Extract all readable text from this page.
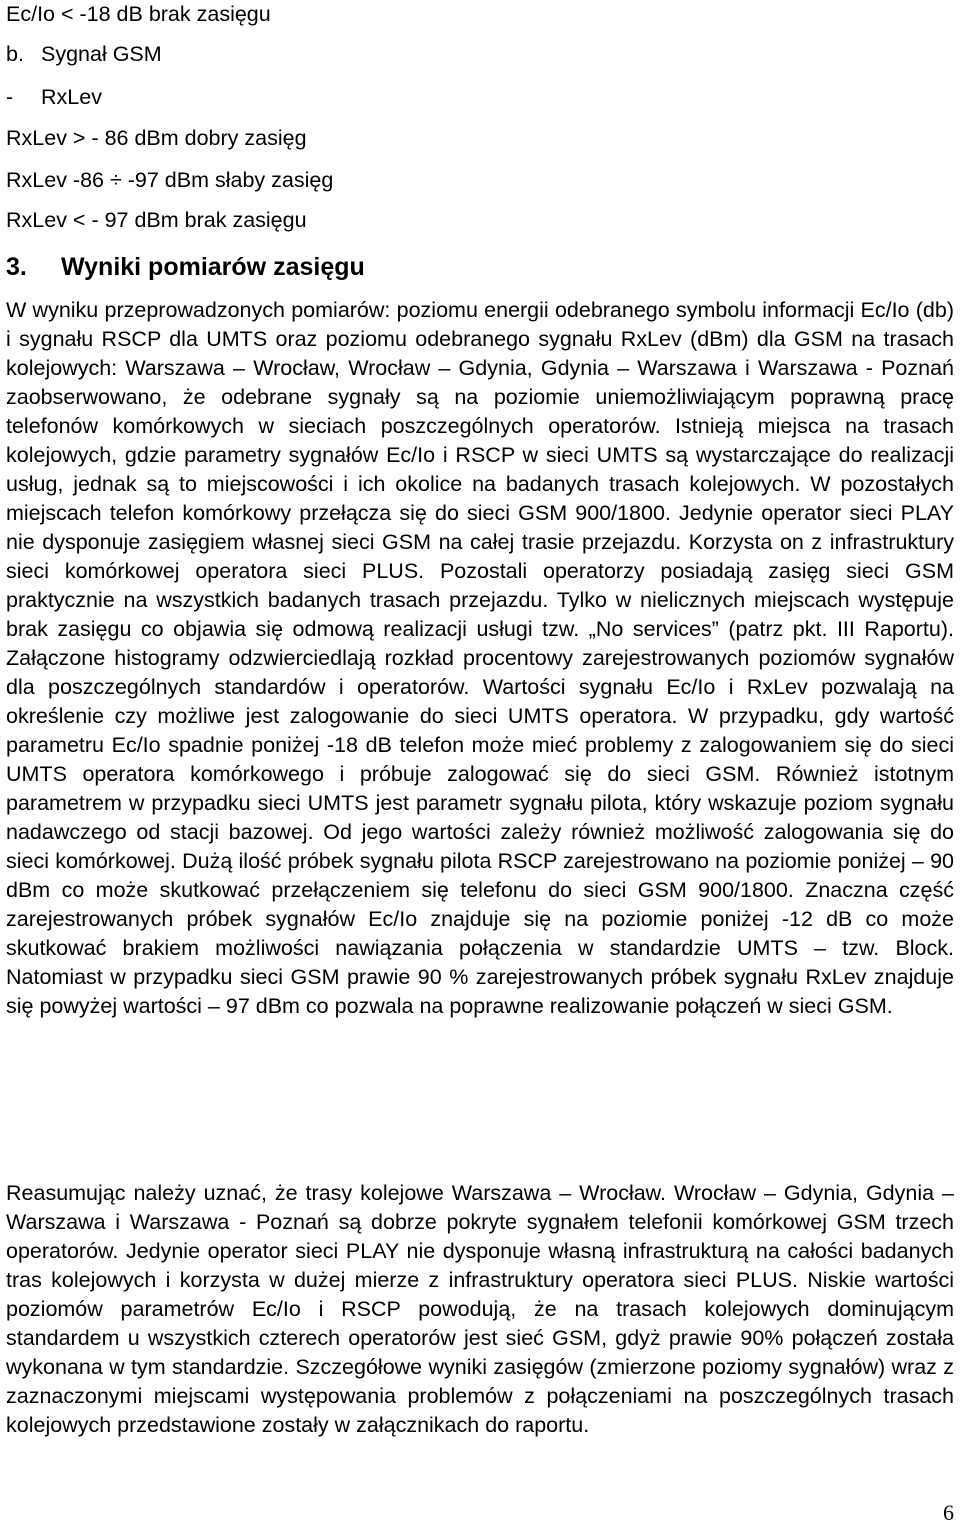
Ec/Io < -18 dB brak zasięgu
b. Sygnał GSM
- RxLev
RxLev > - 86 dBm dobry zasięg
RxLev -86 ÷ -97 dBm słaby zasięg
RxLev < - 97 dBm brak zasięgu
3. Wyniki pomiarów zasięgu
W wyniku przeprowadzonych pomiarów: poziomu energii odebranego symbolu informacji Ec/Io (db) i sygnału RSCP dla UMTS oraz poziomu odebranego sygnału RxLev (dBm) dla GSM na trasach kolejowych: Warszawa – Wrocław, Wrocław – Gdynia, Gdynia – Warszawa i Warszawa - Poznań zaobserwowano, że odebrane sygnały są na poziomie uniemożliwiającym poprawną pracę telefonów komórkowych w sieciach poszczególnych operatorów. Istnieją miejsca na trasach kolejowych, gdzie parametry sygnałów Ec/Io i RSCP w sieci UMTS są wystarczające do realizacji usług, jednak są to miejscowości i ich okolice na badanych trasach kolejowych. W pozostałych miejscach telefon komórkowy przełącza się do sieci GSM 900/1800. Jedynie operator sieci PLAY nie dysponuje zasięgiem własnej sieci GSM na całej trasie przejazdu. Korzysta on z infrastruktury sieci komórkowej operatora sieci PLUS. Pozostali operatorzy posiadają zasięg sieci GSM praktycznie na wszystkich badanych trasach przejazdu. Tylko w nielicznych miejscach występuje brak zasięgu co objawia się odmową realizacji usługi tzw. „No services” (patrz pkt. III Raportu). Załączone histogramy odzwierciedlają rozkład procentowy zarejestrowanych poziomów sygnałów dla poszczególnych standardów i operatorów. Wartości sygnału Ec/Io i RxLev pozwalają na określenie czy możliwe jest zalogowanie do sieci UMTS operatora. W przypadku, gdy wartość parametru Ec/Io spadnie poniżej -18 dB telefon może mieć problemy z zalogowaniem się do sieci UMTS operatora komórkowego i próbuje zalogować się do sieci GSM. Również istotnym parametrem w przypadku sieci UMTS jest parametr sygnału pilota, który wskazuje poziom sygnału nadawczego od stacji bazowej. Od jego wartości zależy również możliwość zalogowania się do sieci komórkowej. Dużą ilość próbek sygnału pilota RSCP zarejestrowano na poziomie poniżej – 90 dBm co może skutkować przełączeniem się telefonu do sieci GSM 900/1800. Znaczna część zarejestrowanych próbek sygnałów Ec/Io znajduje się na poziomie poniżej -12 dB co może skutkować brakiem możliwości nawiązania połączenia w standardzie UMTS – tzw. Block. Natomiast w przypadku sieci GSM prawie 90 % zarejestrowanych próbek sygnału RxLev znajduje się powyżej wartości – 97 dBm co pozwala na poprawne realizowanie połączeń w sieci GSM.
Reasumując należy uznać, że trasy kolejowe Warszawa – Wrocław. Wrocław – Gdynia, Gdynia – Warszawa i Warszawa - Poznań są dobrze pokryte sygnałem telefonii komórkowej GSM trzech operatorów. Jedynie operator sieci PLAY nie dysponuje własną infrastrukturą na całości badanych tras kolejowych i korzysta w dużej mierze z infrastruktury operatora sieci PLUS. Niskie wartości poziomów parametrów Ec/Io i RSCP powodują, że na trasach kolejowych dominującym standardem u wszystkich czterech operatorów jest sieć GSM, gdyż prawie 90% połączeń została wykonana w tym standardzie. Szczegółowe wyniki zasięgów (zmierzone poziomy sygnałów) wraz z zaznaczonymi miejscami występowania problemów z połączeniami na poszczególnych trasach kolejowych przedstawione zostały w załącznikach do raportu.
6
